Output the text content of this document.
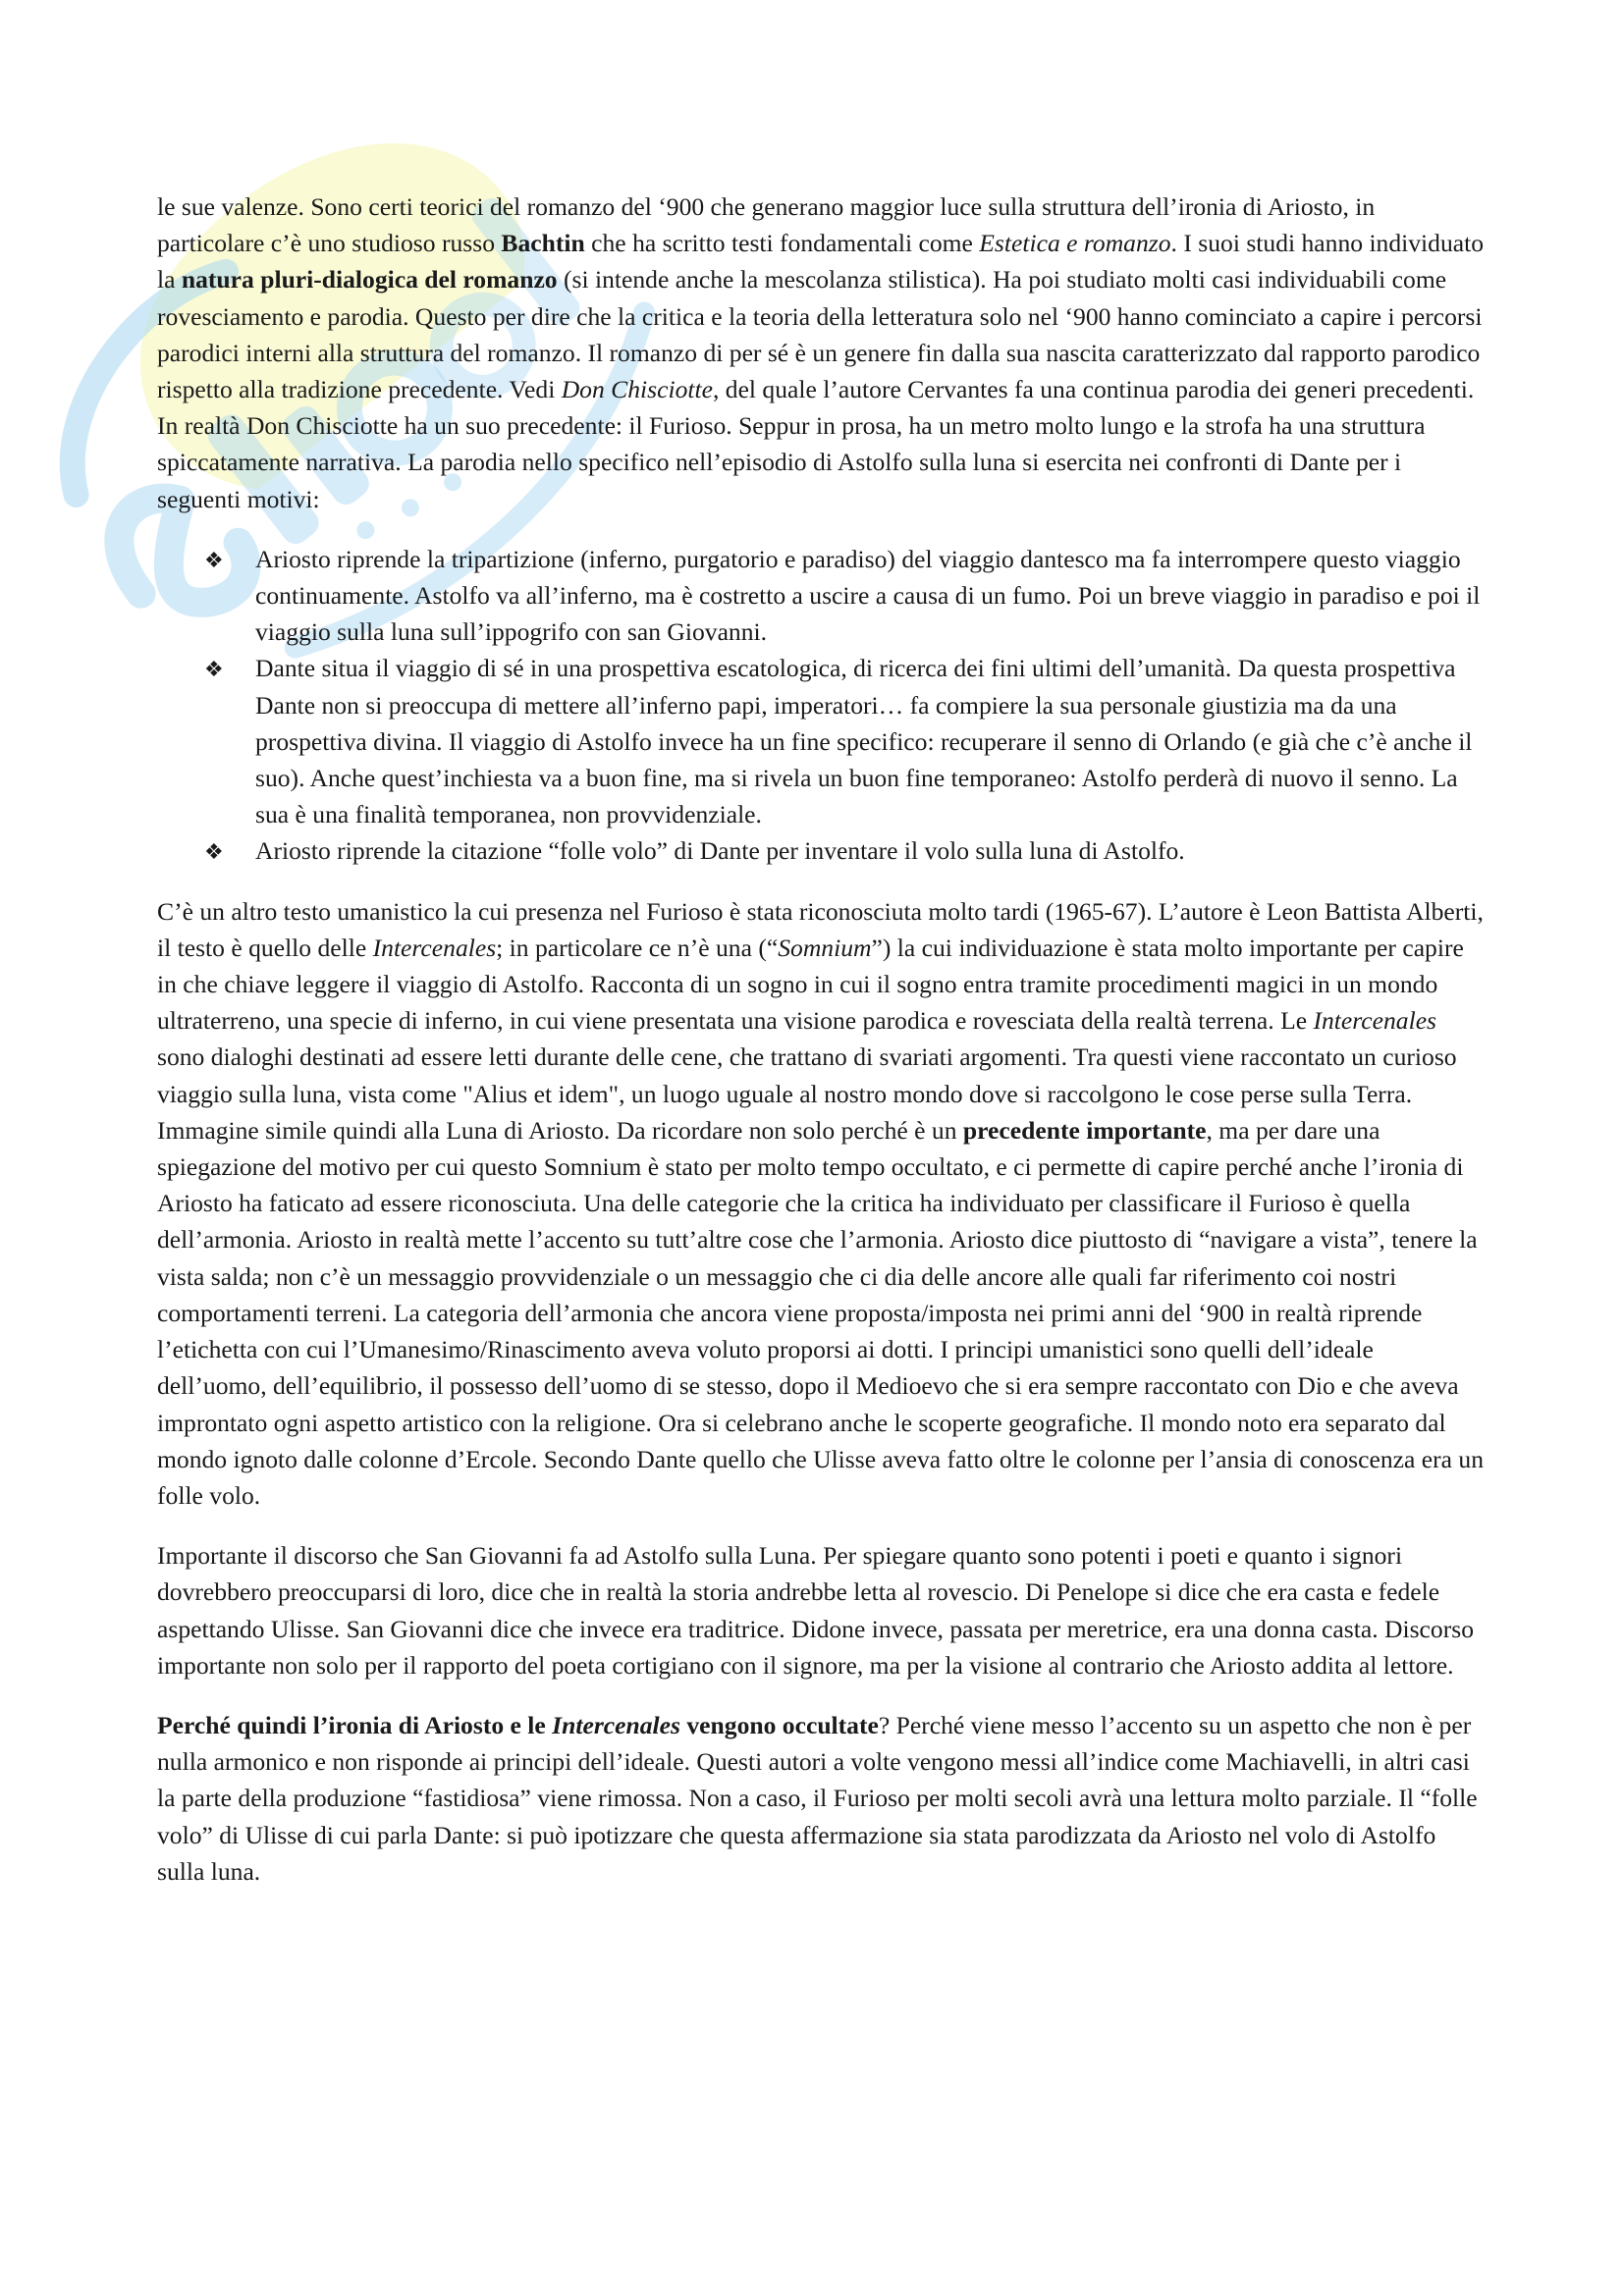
le sue valenze. Sono certi teorici del romanzo del ‘900 che generano maggior luce sulla struttura dell’ironia di Ariosto, in particolare c’è uno studioso russo Bachtin che ha scritto testi fondamentali come Estetica e romanzo. I suoi studi hanno individuato la natura pluri-dialogica del romanzo (si intende anche la mescolanza stilistica). Ha poi studiato molti casi individuabili come rovesciamento e parodia. Questo per dire che la critica e la teoria della letteratura solo nel ‘900 hanno cominciato a capire i percorsi parodici interni alla struttura del romanzo. Il romanzo di per sé è un genere fin dalla sua nascita caratterizzato dal rapporto parodico rispetto alla tradizione precedente. Vedi Don Chisciotte, del quale l’autore Cervantes fa una continua parodia dei generi precedenti. In realtà Don Chisciotte ha un suo precedente: il Furioso. Seppur in prosa, ha un metro molto lungo e la strofa ha una struttura spiccatamente narrativa. La parodia nello specifico nell’episodio di Astolfo sulla luna si esercita nei confronti di Dante per i seguenti motivi:

❖ Ariosto riprende la tripartizione (inferno, purgatorio e paradiso) del viaggio dantesco ma fa interrompere questo viaggio continuamente. Astolfo va all’inferno, ma è costretto a uscire a causa di un fumo. Poi un breve viaggio in paradiso e poi il viaggio sulla luna sull’ippogrifo con san Giovanni.
❖ Dante situa il viaggio di sé in una prospettiva escatologica, di ricerca dei fini ultimi dell’umanità. Da questa prospettiva Dante non si preoccupa di mettere all’inferno papi, imperatori… fa compiere la sua personale giustizia ma da una prospettiva divina. Il viaggio di Astolfo invece ha un fine specifico: recuperare il senno di Orlando (e già che c’è anche il suo). Anche quest’inchiesta va a buon fine, ma si rivela un buon fine temporaneo: Astolfo perderà di nuovo il senno. La sua è una finalità temporanea, non provvidenziale.
❖ Ariosto riprende la citazione “folle volo” di Dante per inventare il volo sulla luna di Astolfo.

C’è un altro testo umanistico la cui presenza nel Furioso è stata riconosciuta molto tardi (1965-67). L’autore è Leon Battista Alberti, il testo è quello delle Intercenales; in particolare ce n’è una (“Somnium”) la cui individuazione è stata molto importante per capire in che chiave leggere il viaggio di Astolfo. Racconta di un sogno in cui il sogno entra tramite procedimenti magici in un mondo ultraterreno, una specie di inferno, in cui viene presentata una visione parodica e rovesciata della realtà terrena. Le Intercenales sono dialoghi destinati ad essere letti durante delle cene, che trattano di svariati argomenti. Tra questi viene raccontato un curioso viaggio sulla luna, vista come "Alius et idem", un luogo uguale al nostro mondo dove si raccolgono le cose perse sulla Terra. Immagine simile quindi alla Luna di Ariosto. Da ricordare non solo perché è un precedente importante, ma per dare una spiegazione del motivo per cui questo Somnium è stato per molto tempo occultato, e ci permette di capire perché anche l’ironia di Ariosto ha faticato ad essere riconosciuta. Una delle categorie che la critica ha individuato per classificare il Furioso è quella dell’armonia. Ariosto in realtà mette l’accento su tutt’altre cose che l’armonia. Ariosto dice piuttosto di “navigare a vista”, tenere la vista salda; non c’è un messaggio provvidenziale o un messaggio che ci dia delle ancore alle quali far riferimento coi nostri comportamenti terreni. La categoria dell’armonia che ancora viene proposta/imposta nei primi anni del ‘900 in realtà riprende l’etichetta con cui l’Umanesimo/Rinascimento aveva voluto proporsi ai dotti. I principi umanistici sono quelli dell’ideale dell’uomo, dell’equilibrio, il possesso dell’uomo di se stesso, dopo il Medioevo che si era sempre raccontato con Dio e che aveva improntato ogni aspetto artistico con la religione. Ora si celebrano anche le scoperte geografiche. Il mondo noto era separato dal mondo ignoto dalle colonne d’Ercole. Secondo Dante quello che Ulisse aveva fatto oltre le colonne per l’ansia di conoscenza era un folle volo.

Importante il discorso che San Giovanni fa ad Astolfo sulla Luna. Per spiegare quanto sono potenti i poeti e quanto i signori dovrebbero preoccuparsi di loro, dice che in realtà la storia andrebbe letta al rovescio. Di Penelope si dice che era casta e fedele aspettando Ulisse. San Giovanni dice che invece era traditrice. Didone invece, passata per meretrice, era una donna casta. Discorso importante non solo per il rapporto del poeta cortigiano con il signore, ma per la visione al contrario che Ariosto addita al lettore.

Perché quindi l’ironia di Ariosto e le Intercenales vengono occultate? Perché viene messo l’accento su un aspetto che non è per nulla armonico e non risponde ai principi dell’ideale. Questi autori a volte vengono messi all’indice come Machiavelli, in altri casi la parte della produzione “fastidiosa” viene rimossa. Non a caso, il Furioso per molti secoli avrà una lettura molto parziale. Il “folle volo” di Ulisse di cui parla Dante: si può ipotizzare che questa affermazione sia stata parodizzata da Ariosto nel volo di Astolfo sulla luna.
